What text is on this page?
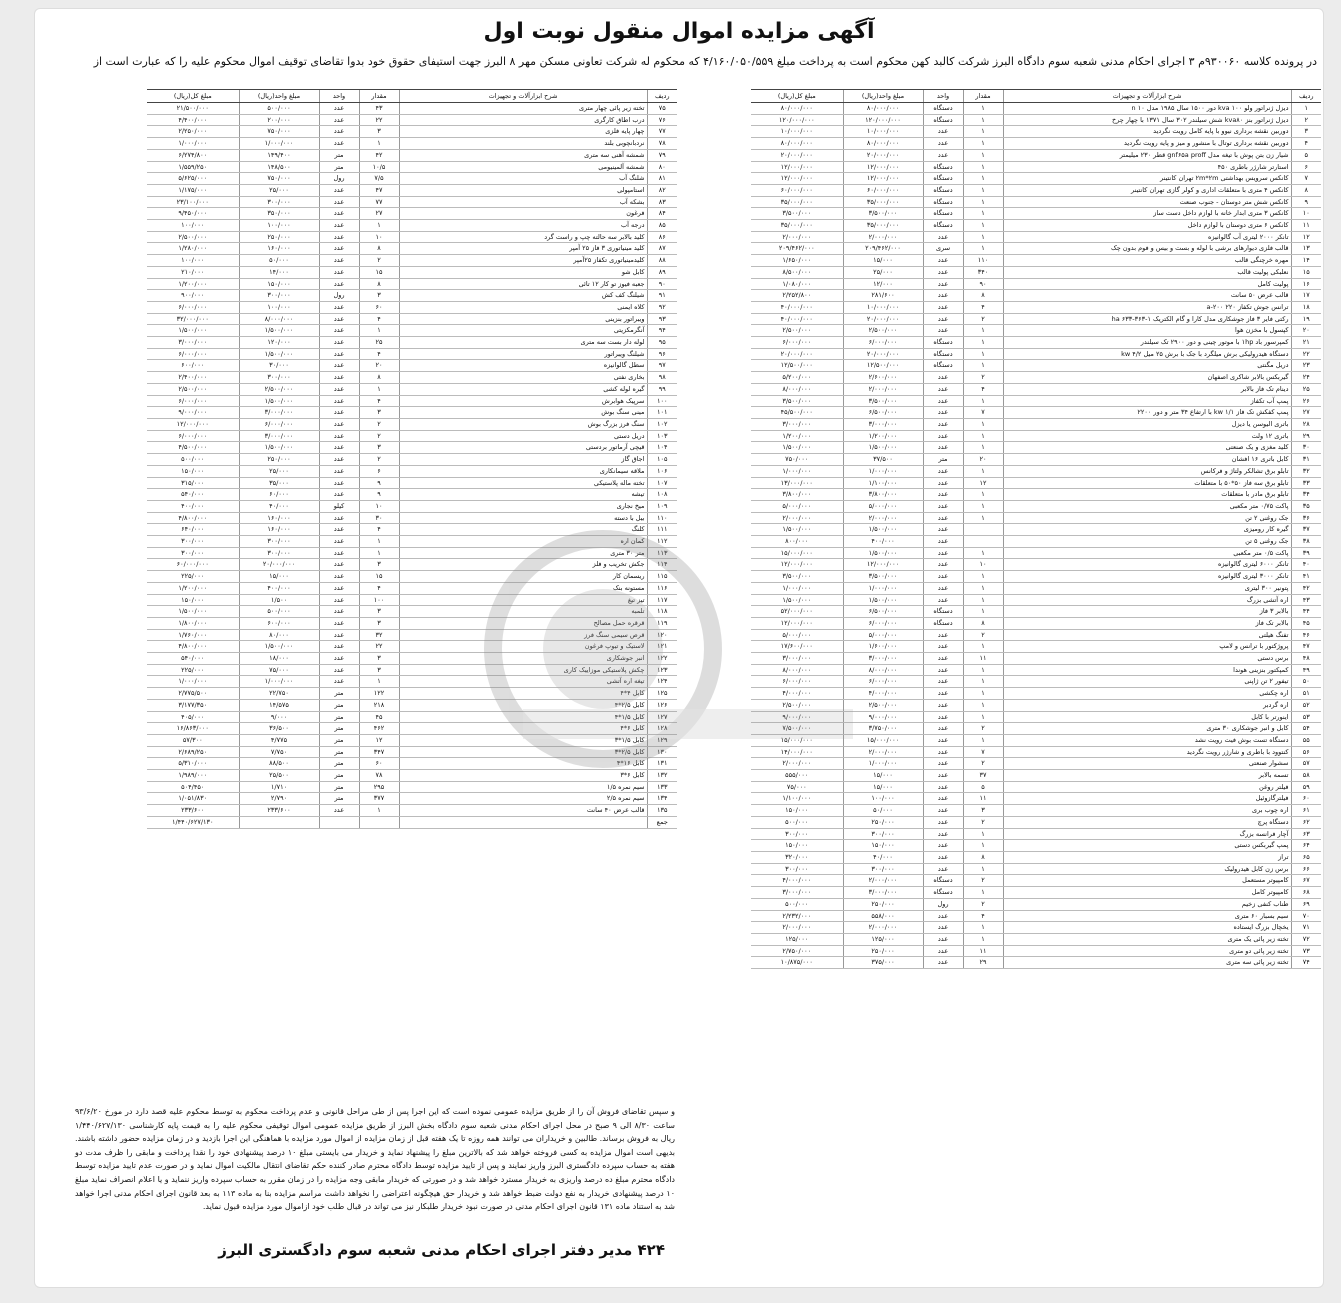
آگهی مزایده اموال منقول نوبت اول
در پرونده کلاسه ۹۳۰۰۶۰م ۳ اجرای احکام مدنی شعبه سوم دادگاه البرز شرکت کالبد کهن محکوم است به پرداخت مبلغ ۴/۱۶۰/۰۵۰/۵۵۹ که محکوم له شرکت تعاونی مسکن مهر ۸ البرز جهت استیفای حقوق خود بدوا تقاضای توقیف اموال محکوم علیه را که عبارت است از
ردیف	شرح ابزارآلات و تجهیزات	مقدار	واحد	مبلغ واحد(ریال)	مبلغ کل(ریال)
۱	دیزل ژنراتور ولو kva ۱۰۰ دور ۱۵۰۰ سال ۱۹۸۵ مدل n ۱۰	۱	دستگاه	۸۰/۰۰۰/۰۰۰	۸۰/۰۰۰/۰۰۰
۲	دیزل ژنراتور بنز kva۸۰ شش سیلندر ۳۰۲ سال ۱۳۷۱ با چهار چرخ	۱	دستگاه	۱۲۰/۰۰۰/۰۰۰	۱۲۰/۰۰۰/۰۰۰
۳	دوربین نقشه برداری نیوو با پایه کامل رویت نگردید	۱	عدد	۱۰/۰۰۰/۰۰۰	۱۰/۰۰۰/۰۰۰
۴	دوربین نقشه برداری توتال با منشور و میز و پایه رویت نگردید	۱	عدد	۸۰/۰۰۰/۰۰۰	۸۰/۰۰۰/۰۰۰
۵	شیار زن بتن پوش با تیغه مدل gnf۶۵a proff قطر ۲۳۰ میلیمتر	۱	عدد	۲۰/۰۰۰/۰۰۰	۲۰/۰۰۰/۰۰۰
۶	استارتر شارژر باطری ۴۵۰	۱	دستگاه	۱۲/۰۰۰/۰۰۰	۱۲/۰۰۰/۰۰۰
۷	کانکس سرویس بهداشتی ۲m*۲m تهران کانتینر	۱	دستگاه	۱۲/۰۰۰/۰۰۰	۱۲/۰۰۰/۰۰۰
۸	کانکس ۴ متری با متعلقات اداری و کولر گازی تهران کانتینر	۱	دستگاه	۶۰/۰۰۰/۰۰۰	۶۰/۰۰۰/۰۰۰
۹	کانکس شش متر دوستان - جنوب صنعت	۱	دستگاه	۳۵/۰۰۰/۰۰۰	۳۵/۰۰۰/۰۰۰
۱۰	کانکس ۳ متری ابدار خانه با لوازم داخل دست ساز	۱	دستگاه	۳/۵۰۰/۰۰۰	۳/۵۰۰/۰۰۰
۱۱	کانکس ۶ متری دوستان با لوازم داخل	۱	دستگاه	۳۵/۰۰۰/۰۰۰	۳۵/۰۰۰/۰۰۰
۱۲	تانکر ۲۰۰۰ لیتری آب گالوانیزه	۱	عدد	۲/۰۰۰/۰۰۰	۲/۰۰۰/۰۰۰
۱۳	قالب فلزی دیوارهای برشی با لوله و بست و بیس و فوم بدون چک	۱	سری	۲۰۹/۴۶۲/۰۰۰	۲۰۹/۴۶۲/۰۰۰
۱۴	مهره خرچنگی قالب	۱۱۰	عدد	۱۵/۰۰۰	۱/۶۵۰/۰۰۰
۱۵	نعلبکی پولیت قالب	۳۴۰	عدد	۲۵/۰۰۰	۸/۵۰۰/۰۰۰
۱۶	پولیت کامل	۹۰	عدد	۱۲/۰۰۰	۱/۰۸۰/۰۰۰
۱۷	قالب عرض ۵۰ سانت	۸	عدد	۲۸۱/۶۰۰	۲/۲۵۲/۸۰۰
۱۸	ترانس جوش تکفاز ۲۲۰ a-۲۰۰	۴	عدد	۱۰/۰۰۰/۰۰۰	۴۰/۰۰۰/۰۰۰
۱۹	رکتی فایر ۳ فاز جوشکاری مدل کارا و گام الکتریک ha ۶۳۳-۳۶۳-۱	۲	عدد	۲۰/۰۰۰/۰۰۰	۴۰/۰۰۰/۰۰۰
۲۰	کپسول با مخزن هوا	۱	عدد	۲/۵۰۰/۰۰۰	۲/۵۰۰/۰۰۰
۲۱	کمپرسور باد ۱hp با موتور چینی و دور ۲۹۰۰ تک سیلندر	۱	دستگاه	۶/۰۰۰/۰۰۰	۶/۰۰۰/۰۰۰
۲۲	دستگاه هیدرولیکی برش میلگرد با جک با برش ۲۵ میل ۴/۲ kw	۱	دستگاه	۲۰/۰۰۰/۰۰۰	۲۰/۰۰۰/۰۰۰
۲۳	دریل مگنتی	۱	دستگاه	۱۲/۵۰۰/۰۰۰	۱۲/۵۰۰/۰۰۰
۲۴	گیربکس بالابر شاکری اصفهان	۲	عدد	۲/۶۰۰/۰۰۰	۵/۲۰۰/۰۰۰
۲۵	دینام تک فاز بالابر	۴	عدد	۲/۰۰۰/۰۰۰	۸/۰۰۰/۰۰۰
۲۶	پمپ آب تکفاز	۱	عدد	۳/۵۰۰/۰۰۰	۳/۵۰۰/۰۰۰
۲۷	پمپ کفکش تک فاز kw ۱/۱ با ارتفاع ۳۴ متر و دور ۲۲۰۰	۷	عدد	۶/۵۰۰/۰۰۰	۴۵/۵۰۰/۰۰۰
۲۸	باتری الیوسن یا دیزل	۱	عدد	۳/۰۰۰/۰۰۰	۳/۰۰۰/۰۰۰
۲۹	باتری ۱۲ ولت	۱	عدد	۱/۲۰۰/۰۰۰	۱/۲۰۰/۰۰۰
۳۰	کلید مغزی و یک صنعتی	۱	عدد	۱/۵۰۰/۰۰۰	۱/۵۰۰/۰۰۰
۳۱	کابل باتری ۱۶ افشان	۲۰	متر	۳۷/۵۰۰	۷۵۰/۰۰۰
۳۲	تابلو برق تشالکر ولتاژ و فرکانس	۱	عدد	۱/۰۰۰/۰۰۰	۱/۰۰۰/۰۰۰
۳۳	تابلو برق سه فاز ۵۰*۵۰ با متعلقات	۱۲	عدد	۱/۱۰۰/۰۰۰	۱۳/۰۰۰/۰۰۰
۳۴	تابلو برق مادر با متعلقات	۱	عدد	۳/۸۰۰/۰۰۰	۳/۸۰۰/۰۰۰
۳۵	پاکت ۰/۷۵ متر مکعبی	۱	عدد	۵/۰۰۰/۰۰۰	۵/۰۰۰/۰۰۰
۳۶	جک روغنی ۲ تن	۱	عدد	۲/۰۰۰/۰۰۰	۲/۰۰۰/۰۰۰
۳۷	گیره کار رومیزی		عدد	۱/۵۰۰/۰۰۰	۱/۵۰۰/۰۰۰
۳۸	جک روغنی ۵ تن		عدد	۴۰۰/۰۰۰	۸۰۰/۰۰۰
۳۹	پاکت ۰/۵ متر مکعبی	۱	عدد	۱/۵۰۰/۰۰۰	۱۵/۰۰۰/۰۰۰
۴۰	تانکر ۶۰۰۰ لیتری گالوانیزه	۱۰	عدد	۱۲/۰۰۰/۰۰۰	۱۲/۰۰۰/۰۰۰
۴۱	تانکر ۳۰۰۰ لیتری گالوانیزه	۱	عدد	۳/۵۰۰/۰۰۰	۳/۵۰۰/۰۰۰
۴۲	پتونیر ۳۰۰ لیتری	۱	عدد	۱/۰۰۰/۰۰۰	۱/۰۰۰/۰۰۰
۴۳	اره آتشی بزرگ	۱	عدد	۱/۵۰۰/۰۰۰	۱/۵۰۰/۰۰۰
۴۴	بالابر ۳ فاز	۱	دستگاه	۶/۵۰۰/۰۰۰	۵۲/۰۰۰/۰۰۰
۴۵	بالابر تک فاز	۸	دستگاه	۶/۰۰۰/۰۰۰	۱۲/۰۰۰/۰۰۰
۴۶	تفنگ هیلتی	۲	عدد	۵/۰۰۰/۰۰۰	۵/۰۰۰/۰۰۰
۴۷	پروژکتور با ترانس و لامپ	۱	عدد	۱/۶۰۰/۰۰۰	۱۷/۶۰۰/۰۰۰
۴۸	برس دستی	۱۱	عدد	۳/۰۰۰/۰۰۰	۳/۰۰۰/۰۰۰
۴۹	کمپکتور بنزینی هوندا	۱	عدد	۸/۰۰۰/۰۰۰	۸/۰۰۰/۰۰۰
۵۰	تیفور ۲ تن ژاپنی	۱	عدد	۶/۰۰۰/۰۰۰	۶/۰۰۰/۰۰۰
۵۱	اره چکشی	۱	عدد	۴/۰۰۰/۰۰۰	۴/۰۰۰/۰۰۰
۵۲	اره گردبر	۱	عدد	۲/۵۰۰/۰۰۰	۲/۵۰۰/۰۰۰
۵۳	اینورتر با کابل	۱	عدد	۹/۰۰۰/۰۰۰	۹/۰۰۰/۰۰۰
۵۴	کابل و انبر جوشکاری ۳۰ متری	۲	عدد	۳/۷۵۰/۰۰۰	۷/۵۰۰/۰۰۰
۵۵	دستگاه تست بوش فیت رویت نشد	۱	عدد	۱۵/۰۰۰/۰۰۰	۱۵/۰۰۰/۰۰۰
۵۶	کنتوود با باطری و شارژر رویت نگردید	۷	عدد	۲/۰۰۰/۰۰۰	۱۴/۰۰۰/۰۰۰
۵۷	سشوار صنعتی	۲	عدد	۱/۰۰۰/۰۰۰	۲/۰۰۰/۰۰۰
۵۸	تسمه بالابر	۳۷	عدد	۱۵/۰۰۰	۵۵۵/۰۰۰
۵۹	فیلتر روغن	۵	عدد	۱۵/۰۰۰	۷۵/۰۰۰
۶۰	فیلترگازوئیل	۱۱	عدد	۱۰۰/۰۰۰	۱/۱۰۰/۰۰۰
۶۱	اره چوب بری	۳	عدد	۵۰/۰۰۰	۱۵۰/۰۰۰
۶۲	دستگاه پرچ	۲	عدد	۲۵۰/۰۰۰	۵۰۰/۰۰۰
۶۳	آچار فرانسه بزرگ	۱	عدد	۳۰۰/۰۰۰	۳۰۰/۰۰۰
۶۴	پمپ گیربکس دستی	۱	عدد	۱۵۰/۰۰۰	۱۵۰/۰۰۰
۶۵	تراز	۸	عدد	۴۰/۰۰۰	۳۲۰/۰۰۰
۶۶	برس زن کابل هیدرولیک	۱	عدد	۳۰۰/۰۰۰	۳۰۰/۰۰۰
۶۷	کامپیوتر مستعمل	۲	دستگاه	۲/۰۰۰/۰۰۰	۴/۰۰۰/۰۰۰
۶۸	کامپیوتر کامل	۱	دستگاه	۳/۰۰۰/۰۰۰	۳/۰۰۰/۰۰۰
۶۹	طناب کنفی زخیم	۲	رول	۲۵۰/۰۰۰	۵۰۰/۰۰۰
۷۰	سیم بسبار ۶۰ متری	۴	عدد	۵۵۸/۰۰۰	۲/۲۳۲/۰۰۰
۷۱	یخچال بزرگ ایستاده	۱	عدد	۲/۰۰۰/۰۰۰	۲/۰۰۰/۰۰۰
۷۲	تخته زیر پائی یک متری	۱	عدد	۱۲۵/۰۰۰	۱۲۵/۰۰۰
۷۳	تخته زیر پائی دو متری	۱۱	عدد	۲۵۰/۰۰۰	۲/۷۵۰/۰۰۰
۷۴	تخته زیر پائی سه متری	۲۹	عدد	۳۷۵/۰۰۰	۱۰/۸۷۵/۰۰۰
ردیف	شرح ابزارآلات و تجهیزات	مقدار	واحد	مبلغ واحد(ریال)	مبلغ کل(ریال)
۷۵	تخته زیر پائی چهار متری	۴۳	عدد	۵۰۰/۰۰۰	۲۱/۵۰۰/۰۰۰
۷۶	درب اطاق کارگری	۲۲	عدد	۲۰۰/۰۰۰	۴/۴۰۰/۰۰۰
۷۷	چهار پایه فلزی	۳	عدد	۷۵۰/۰۰۰	۲/۲۵۰/۰۰۰
۷۸	نردبانچوبی بلند	۱	عدد	۱/۰۰۰/۰۰۰	۱/۰۰۰/۰۰۰
۷۹	شمشه آهنی سه متری	۴۲	متر	۱۴۹/۴۰۰	۶/۲۷۴/۸۰۰
۸۰	شمشه آلمینیومی	۱۰/۵	متر	۱۴۸/۵۰۰	۱/۵۵۹/۲۵۰
۸۱	شلنگ آب	۷/۵	رول	۷۵۰/۰۰۰	۵/۶۲۵/۰۰۰
۸۲	استامپولی	۴۷	عدد	۲۵/۰۰۰	۱/۱۷۵/۰۰۰
۸۳	بشکه آب	۷۷	عدد	۳۰۰/۰۰۰	۲۳/۱۰۰/۰۰۰
۸۴	فرغون	۲۷	عدد	۳۵۰/۰۰۰	۹/۴۵۰/۰۰۰
۸۵	درجه آب	۱	عدد	۱۰۰/۰۰۰	۱۰۰/۰۰۰
۸۶	کلید بالابر سه حالته چپ و راست گرد	۱۰	عدد	۲۵۰/۰۰۰	۲/۵۰۰/۰۰۰
۸۷	کلید مینیاتوری ۳ فاز ۲۵ آمپر	۸	عدد	۱۶۰/۰۰۰	۱/۲۸۰/۰۰۰
۸۸	کلیدمینیاتوری تکفاز ۲۵آمپر	۲	عدد	۵۰/۰۰۰	۱۰۰/۰۰۰
۸۹	کابل شو	۱۵	عدد	۱۴/۰۰۰	۲۱۰/۰۰۰
۹۰	جعبه فیوز تو کار ۱۲ تائی	۸	عدد	۱۵۰/۰۰۰	۱/۲۰۰/۰۰۰
۹۱	شیلنگ کف کش	۳	رول	۳۰۰/۰۰۰	۹۰۰/۰۰۰
۹۲	کلاه ایمنی	۶۰	عدد	۱۰۰/۰۰۰	۶/۰۰۰/۰۰۰
۹۳	ویبراتور بنزینی	۴	عدد	۸/۰۰۰/۰۰۰	۳۲/۰۰۰/۰۰۰
۹۴	آنگرمکزیتی	۱	عدد	۱/۵۰۰/۰۰۰	۱/۵۰۰/۰۰۰
۹۵	لوله دار بست سه متری	۲۵	عدد	۱۲۰/۰۰۰	۳/۰۰۰/۰۰۰
۹۶	شیلنگ ویبراتور	۴	عدد	۱/۵۰۰/۰۰۰	۶/۰۰۰/۰۰۰
۹۷	سطل گالوانیزه	۲۰	عدد	۳۰/۰۰۰	۶۰۰/۰۰۰
۹۸	بخاری نفتی	۸	عدد	۳۰۰/۰۰۰	۲/۴۰۰/۰۰۰
۹۹	گیره لوله کشی	۱	عدد	۲/۵۰۰/۰۰۰	۲/۵۰۰/۰۰۰
۱۰۰	سرپیک هوابرش	۴	عدد	۱/۵۰۰/۰۰۰	۶/۰۰۰/۰۰۰
۱۰۱	مینی سنگ بوش	۳	عدد	۳/۰۰۰/۰۰۰	۹/۰۰۰/۰۰۰
۱۰۲	سنگ فرز بزرگ بوش	۲	عدد	۶/۰۰۰/۰۰۰	۱۲/۰۰۰/۰۰۰
۱۰۳	دریل دستی	۲	عدد	۳/۰۰۰/۰۰۰	۶/۰۰۰/۰۰۰
۱۰۴	قیچی آرماتور بردستی	۳	عدد	۱/۵۰۰/۰۰۰	۴/۵۰۰/۰۰۰
۱۰۵	اجاق گاز	۲	عدد	۲۵۰/۰۰۰	۵۰۰/۰۰۰
۱۰۶	ملاقه سیمانکاری	۶	عدد	۲۵/۰۰۰	۱۵۰/۰۰۰
۱۰۷	تخته ماله پلاستیکی	۹	عدد	۳۵/۰۰۰	۳۱۵/۰۰۰
۱۰۸	تیشه	۹	عدد	۶۰/۰۰۰	۵۴۰/۰۰۰
۱۰۹	میخ نجاری	۱۰	کیلو	۴۰/۰۰۰	۴۰۰/۰۰۰
۱۱۰	بیل با دسته	۳۰	عدد	۱۶۰/۰۰۰	۴/۸۰۰/۰۰۰
۱۱۱	کلنگ	۴	عدد	۱۶۰/۰۰۰	۶۴۰/۰۰۰
۱۱۲	کمان اره	۱	عدد	۳۰۰/۰۰۰	۳۰۰/۰۰۰
۱۱۳	متر ۳۰ متری	۱	عدد	۳۰۰/۰۰۰	۳۰۰/۰۰۰
۱۱۴	جکش تخریب و فلز	۳	عدد	۲۰/۰۰۰/۰۰۰	۶۰/۰۰۰/۰۰۰
۱۱۵	ریسمان کار	۱۵	عدد	۱۵/۰۰۰	۲۲۵/۰۰۰
۱۱۶	مستونه بنک	۴	عدد	۴۰۰/۰۰۰	۱/۲۰۰/۰۰۰
۱۱۷	تیز تیغ	۱۰۰	عدد	۱/۵۰۰	۱۵۰/۰۰۰
۱۱۸	تلمبه	۳	عدد	۵۰۰/۰۰۰	۱/۵۰۰/۰۰۰
۱۱۹	قرقره حمل مصالح	۳	عدد	۶۰۰/۰۰۰	۱/۸۰۰/۰۰۰
۱۲۰	قرص سیمی سنگ فرز	۳۲	عدد	۸۰/۰۰۰	۱/۷۶۰/۰۰۰
۱۲۱	لاستیک و تیوپ فرغون	۲۲	عدد	۱/۵۰۰/۰۰۰	۴/۸۰۰/۰۰۰
۱۲۲	انبر جوشکاری	۳	عدد	۱۸/۰۰۰	۵۴۰/۰۰۰
۱۲۳	چکش پلاستیکی موزاییک کاری	۳	عدد	۷۵/۰۰۰	۲۲۵/۰۰۰
۱۲۴	تیغه اره آتشی	۱	عدد	۱/۰۰۰/۰۰۰	۱/۰۰۰/۰۰۰
۱۲۵	کابل ۴*۴	۱۲۲	متر	۲۲/۷۵۰	۲/۷۷۵/۵۰۰
۱۲۶	کابل ۲/۵*۴	۲۱۸	متر	۱۴/۵۷۵	۳/۱۷۷/۳۵۰
۱۲۷	کابل ۱/۵*۴	۴۵	متر	۹/۰۰۰	۴۰۵/۰۰۰
۱۲۸	کابل ۶*۴	۴۶۲	متر	۳۶/۵۰۰	۱۶/۸۶۳/۰۰۰
۱۲۹	کابل ۱/۵*۳	۱۲	متر	۴/۷۷۵	۵۷/۳۰۰
۱۳۰	کابل ۲/۵*۳	۳۴۷	متر	۷/۷۵۰	۲/۶۸۹/۲۵۰
۱۳۱	کابل ۱۶*۴	۶۰	متر	۸۸/۵۰۰	۵/۳۱۰/۰۰۰
۱۳۲	کابل ۶*۳	۷۸	متر	۲۵/۵۰۰	۱/۹۸۹/۰۰۰
۱۳۳	سیم نمره ۱/۵	۲۹۵	متر	۱/۷۱۰	۵۰۴/۴۵۰
۱۳۴	سیم نمره ۲/۵	۳۷۷	متر	۲/۷۹۰	۱/۰۵۱/۸۳۰
۱۳۵	قالب عرض ۴۰ سانت	۱	عدد	۲۳۳/۶۰۰	۲۳۳/۶۰۰
جمع					۱/۴۴۰/۶۲۷/۱۳۰
و سپس تقاضای فروش آن را از طریق مزایده عمومی نموده است که این اجرا پس از طی مراحل قانونی و عدم پرداخت محکوم به توسط محکوم علیه قصد دارد در مورخ ۹۳/۶/۲۰ ساعت ۸/۳۰ الی ۹ صبح در محل اجرای احکام مدنی شعبه سوم دادگاه بخش البرز از طریق مزایده عمومی اموال توقیفی محکوم علیه را به قیمت پایه کارشناسی ۱/۴۴۰/۶۲۷/۱۳۰ ریال به فروش برساند. طالبین و خریداران می توانند همه روزه تا یک هفته قبل از زمان مزایده از اموال مورد مزایده با هماهنگی این اجرا بازدید و در زمان مزایده حضور داشته باشند. بدیهی است اموال مزایده به کسی فروخته خواهد شد که بالاترین مبلغ را پیشنهاد نماید و خریدار می بایستی مبلغ ۱۰ درصد پیشنهادی خود را نقدا پرداخت و مابقی را ظرف مدت دو هفته به حساب سپرده دادگستری البرز واریز نمایند و پس از تایید مزایده توسط دادگاه محترم صادر کننده حکم تقاضای انتقال مالکیت اموال نماید و در صورت عدم تایید مزایده توسط دادگاه محترم مبلغ ده درصد واریزی به خریدار مسترد خواهد شد و در صورتی که خریدار مابقی وجه مزایده را در زمان مقرر به حساب سپرده واریز ننماید و یا اعلام انصراف نماید مبلغ ۱۰ درصد پیشنهادی خریدار به نفع دولت ضبط خواهد شد و خریدار حق هیچگونه اعتراضی را نخواهد داشت مراسم مزایده بنا به ماده ۱۱۳ به بعد قانون اجرای احکام مدنی اجرا خواهد شد به استناد ماده ۱۳۱ قانون اجرای احکام مدنی در صورت نبود خریدار طلبکار نیز می تواند در قبال طلب خود ازاموال مورد مزایده قبول نماید.
۴۲۴ مدیر دفتر اجرای احکام مدنی شعبه سوم دادگستری البرز
